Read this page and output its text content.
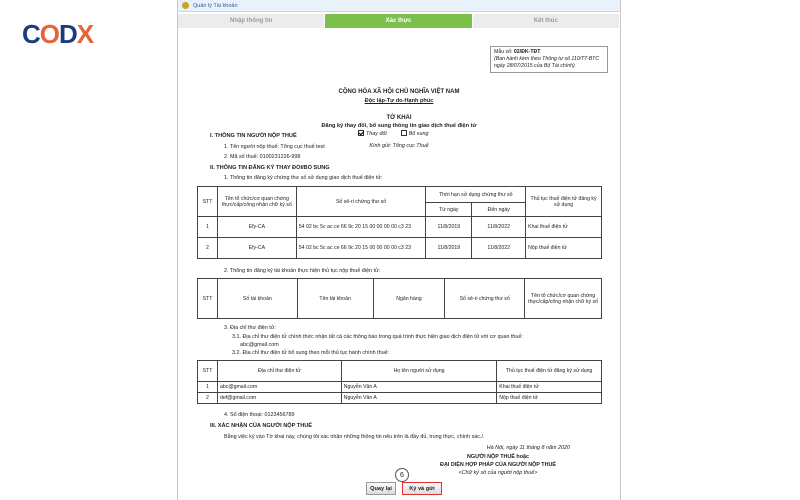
C O D X
Quản lý Tài khoản
Nhập thông tin	Xác thực	Kết thúc
Mẫu số: 02/ĐK-TĐT
(Ban hành kèm theo Thông tư số 110/TT-BTC ngày 28/07/2015 của Bộ Tài chính)
CỘNG HÒA XÃ HỘI CHỦ NGHĨA VIỆT NAM
Độc lập-Tự do-Hạnh phúc
TỜ KHAI
Đăng ký thay đổi, bổ sung thông tin giao dịch thuế điện tử
Thay đổi	Bổ sung
Kính gửi: Tổng cục Thuế
I. THÔNG TIN NGƯỜI NỘP THUẾ
1. Tên người nộp thuế: Tổng cục thuế test
2. Mã số thuế: 0100231226-998
II. THÔNG TIN ĐĂNG KÝ THAY ĐỔI/BỔ SUNG
1. Thông tin đăng ký chứng thư số sử dụng giao dịch thuế điện tử:
STT	Tên tổ chức/cơ quan chứng thực/cấp/công nhận chữ ký số	Số sê-ri chứng thư số	Thời hạn sử dụng chứng thư số		Thủ tục thuế điện tử đăng ký sử dụng
			Từ ngày	Đến ngày	
1	Efy-CA	54 02 bc 5c ac ce 66 9c 20 15 00 00 00 00 c3 23	11/8/2019	11/8/2022	Khai thuế điện tử
2	Efy-CA	54 02 bc 5c ac ce 66 9c 20 15 00 00 00 00 c3 23	11/8/2019	11/8/2022	Nộp thuế điện tử
2. Thông tin đăng ký tài khoản thực hiện thủ tục nộp thuế điện tử:
STT	Số tài khoản	Tên tài khoản	Ngân hàng	Số sê-ri chứng thư số	Tên tổ chức/cơ quan chứng thực/cấp/công nhận chữ ký số
3. Địa chỉ thư điện tử:
3.1. Địa chỉ thư điện tử chính thức nhận tất cả các thông báo trong quá trình thực hiện giao dịch điện tử với cơ quan thuế:
abc@gmail.com
3.2. Địa chỉ thư điện tử bổ sung theo mỗi thủ tục hành chính thuế:
STT	Địa chỉ thư điện tử	Họ tên người sử dụng	Thủ tục thuế điện tử đăng ký sử dụng
1	abc@gmail.com	Nguyễn Văn A	Khai thuế điện tử
2	def@gmail.com	Nguyễn Văn A	Nộp thuế điện tử
4. Số điện thoại: 0123456789
III. XÁC NHẬN CỦA NGƯỜI NỘP THUẾ
Bằng việc ký vào Tờ khai này, chúng tôi xác nhận những thông tin nêu trên là đầy đủ, trung thực, chính xác./.
Hà Nội, ngày 11 tháng 8 năm 2020
NGƯỜI NỘP THUẾ hoặc
ĐẠI DIỆN HỢP PHÁP CỦA NGƯỜI NỘP THUẾ
<Chữ ký số của người nộp thuế>
Quay lại	Ký và gửi
6
